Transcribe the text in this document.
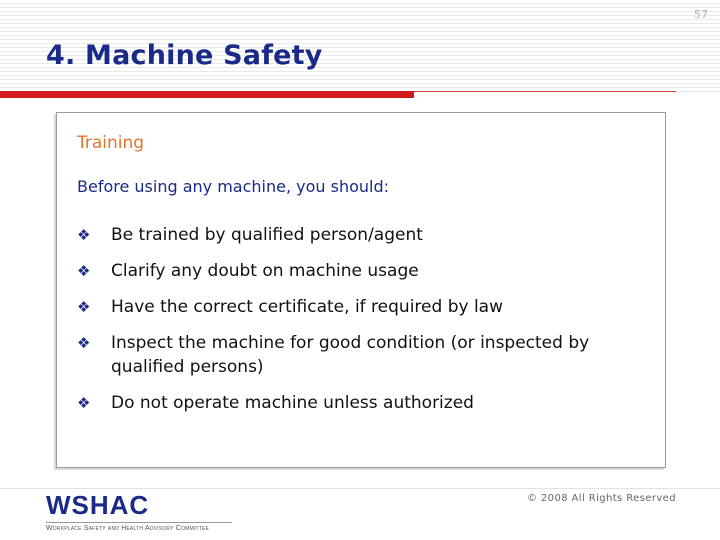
57
4. Machine Safety
Training
Before using any machine, you should:
❖	Be trained by qualified person/agent
❖	Clarify any doubt on machine usage
❖	Have the correct certificate, if required by law
❖	Inspect the machine for good condition (or inspected by qualified persons)
❖	Do not operate machine unless authorized
© 2008 All Rights Reserved
WSHAC
Workplace Safety and Health Advisory Committee
